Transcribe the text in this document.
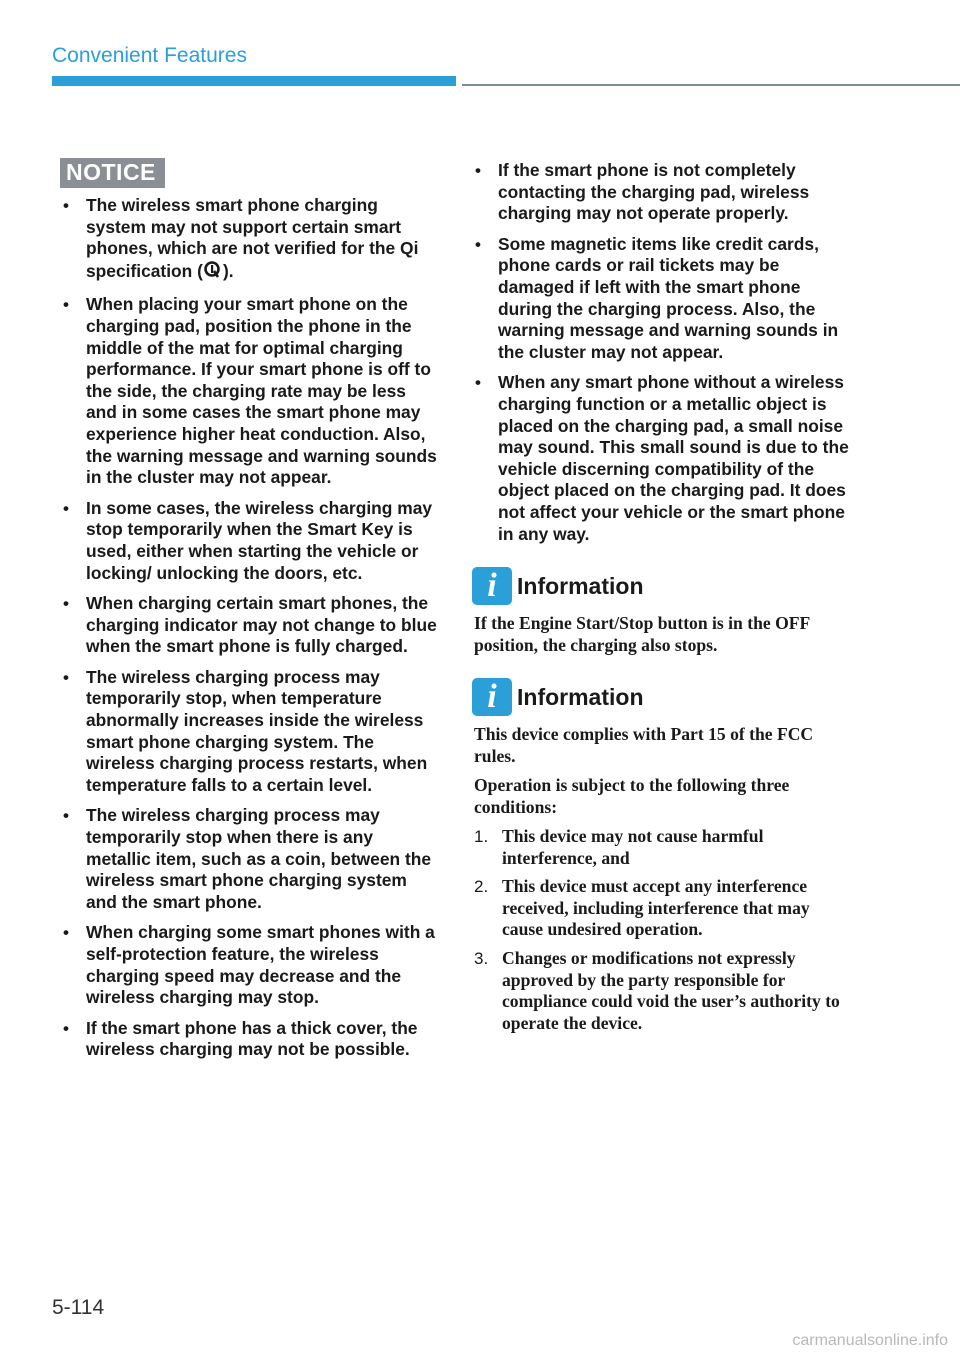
Convenient Features
NOTICE
• The wireless smart phone charging system may not support certain smart phones, which are not verified for the Qi specification ( ).
• When placing your smart phone on the charging pad, position the phone in the middle of the mat for optimal charging performance. If your smart phone is off to the side, the charging rate may be less and in some cases the smart phone may experience higher heat conduction. Also, the warning message and warning sounds in the cluster may not appear.
• In some cases, the wireless charging may stop temporarily when the Smart Key is used, either when starting the vehicle or locking/ unlocking the doors, etc.
• When charging certain smart phones, the charging indicator may not change to blue when the smart phone is fully charged.
• The wireless charging process may temporarily stop, when temperature abnormally increases inside the wireless smart phone charging system. The wireless charging process restarts, when temperature falls to a certain level.
• The wireless charging process may temporarily stop when there is any metallic item, such as a coin, between the wireless smart phone charging system and the smart phone.
• When charging some smart phones with a self-protection feature, the wireless charging speed may decrease and the wireless charging may stop.
• If the smart phone has a thick cover, the wireless charging may not be possible.
• If the smart phone is not completely contacting the charging pad, wireless charging may not operate properly.
• Some magnetic items like credit cards, phone cards or rail tickets may be damaged if left with the smart phone during the charging process. Also, the warning message and warning sounds in the cluster may not appear.
• When any smart phone without a wireless charging function or a metallic object is placed on the charging pad, a small noise may sound. This small sound is due to the vehicle discerning compatibility of the object placed on the charging pad. It does not affect your vehicle or the smart phone in any way.
i Information

If the Engine Start/Stop button is in the OFF position, the charging also stops.

i Information

This device complies with Part 15 of the FCC rules.

Operation is subject to the following three conditions:

1. This device may not cause harmful interference, and
2. This device must accept any interference received, including interference that may cause undesired operation.
3. Changes or modifications not expressly approved by the party responsible for compliance could void the user’s authority to operate the device.
5-114
carmanualsonline.info
